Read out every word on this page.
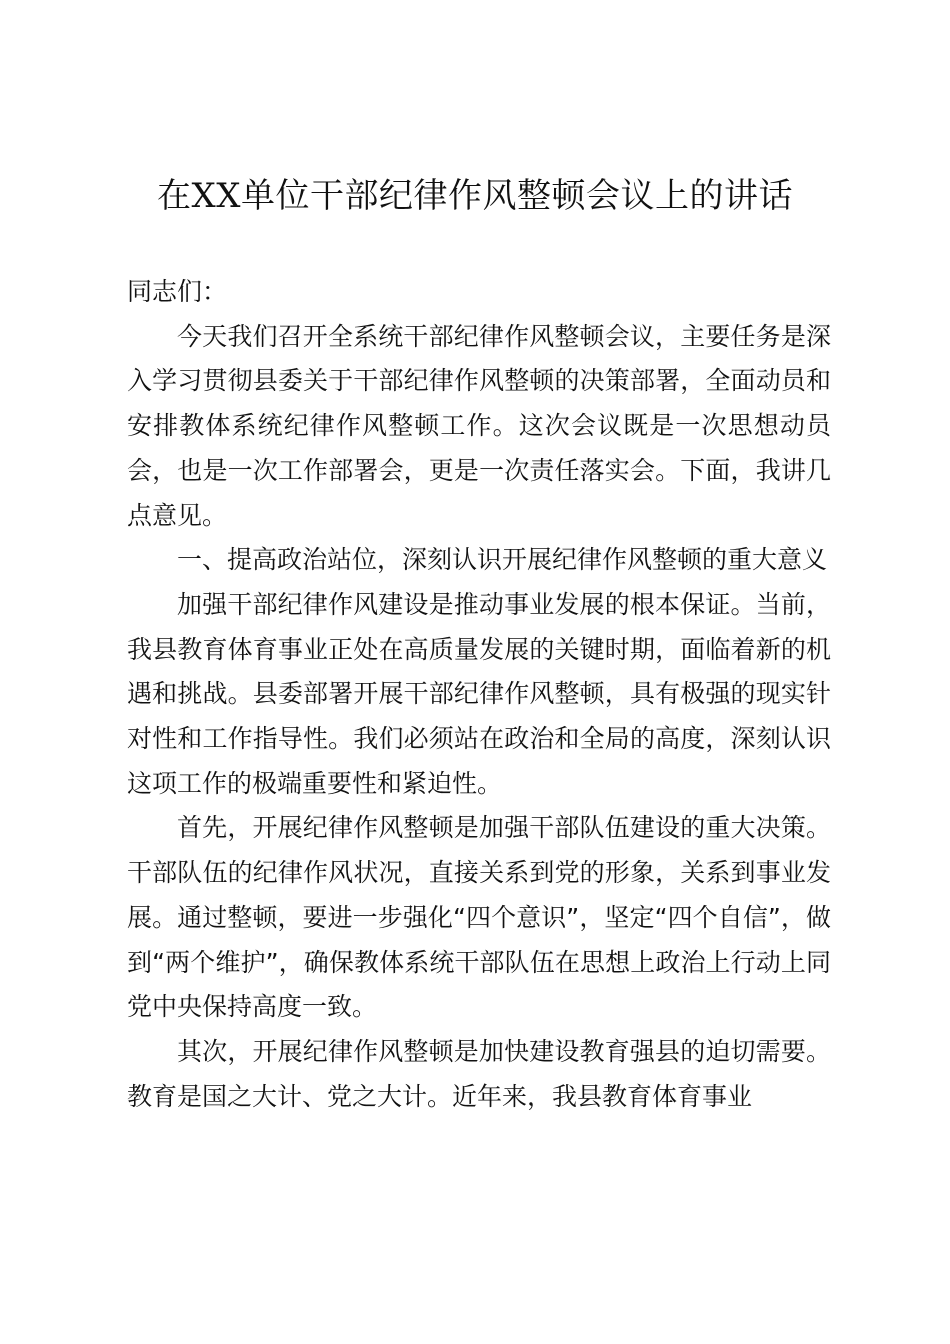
在XX单位干部纪律作风整顿会议上的讲话

同志们：

今天我们召开全系统干部纪律作风整顿会议，主要任务是深入学习贯彻县委关于干部纪律作风整顿的决策部署，全面动员和安排教体系统纪律作风整顿工作。这次会议既是一次思想动员会，也是一次工作部署会，更是一次责任落实会。下面，我讲几点意见。

一、提高政治站位，深刻认识开展纪律作风整顿的重大意义

加强干部纪律作风建设是推动事业发展的根本保证。当前，我县教育体育事业正处在高质量发展的关键时期，面临着新的机遇和挑战。县委部署开展干部纪律作风整顿，具有极强的现实针对性和工作指导性。我们必须站在政治和全局的高度，深刻认识这项工作的极端重要性和紧迫性。

首先，开展纪律作风整顿是加强干部队伍建设的重大决策。干部队伍的纪律作风状况，直接关系到党的形象，关系到事业发展。通过整顿，要进一步强化“四个意识”，坚定“四个自信”，做到“两个维护”，确保教体系统干部队伍在思想上政治上行动上同党中央保持高度一致。

其次，开展纪律作风整顿是加快建设教育强县的迫切需要。教育是国之大计、党之大计。近年来，我县教育体育事业
